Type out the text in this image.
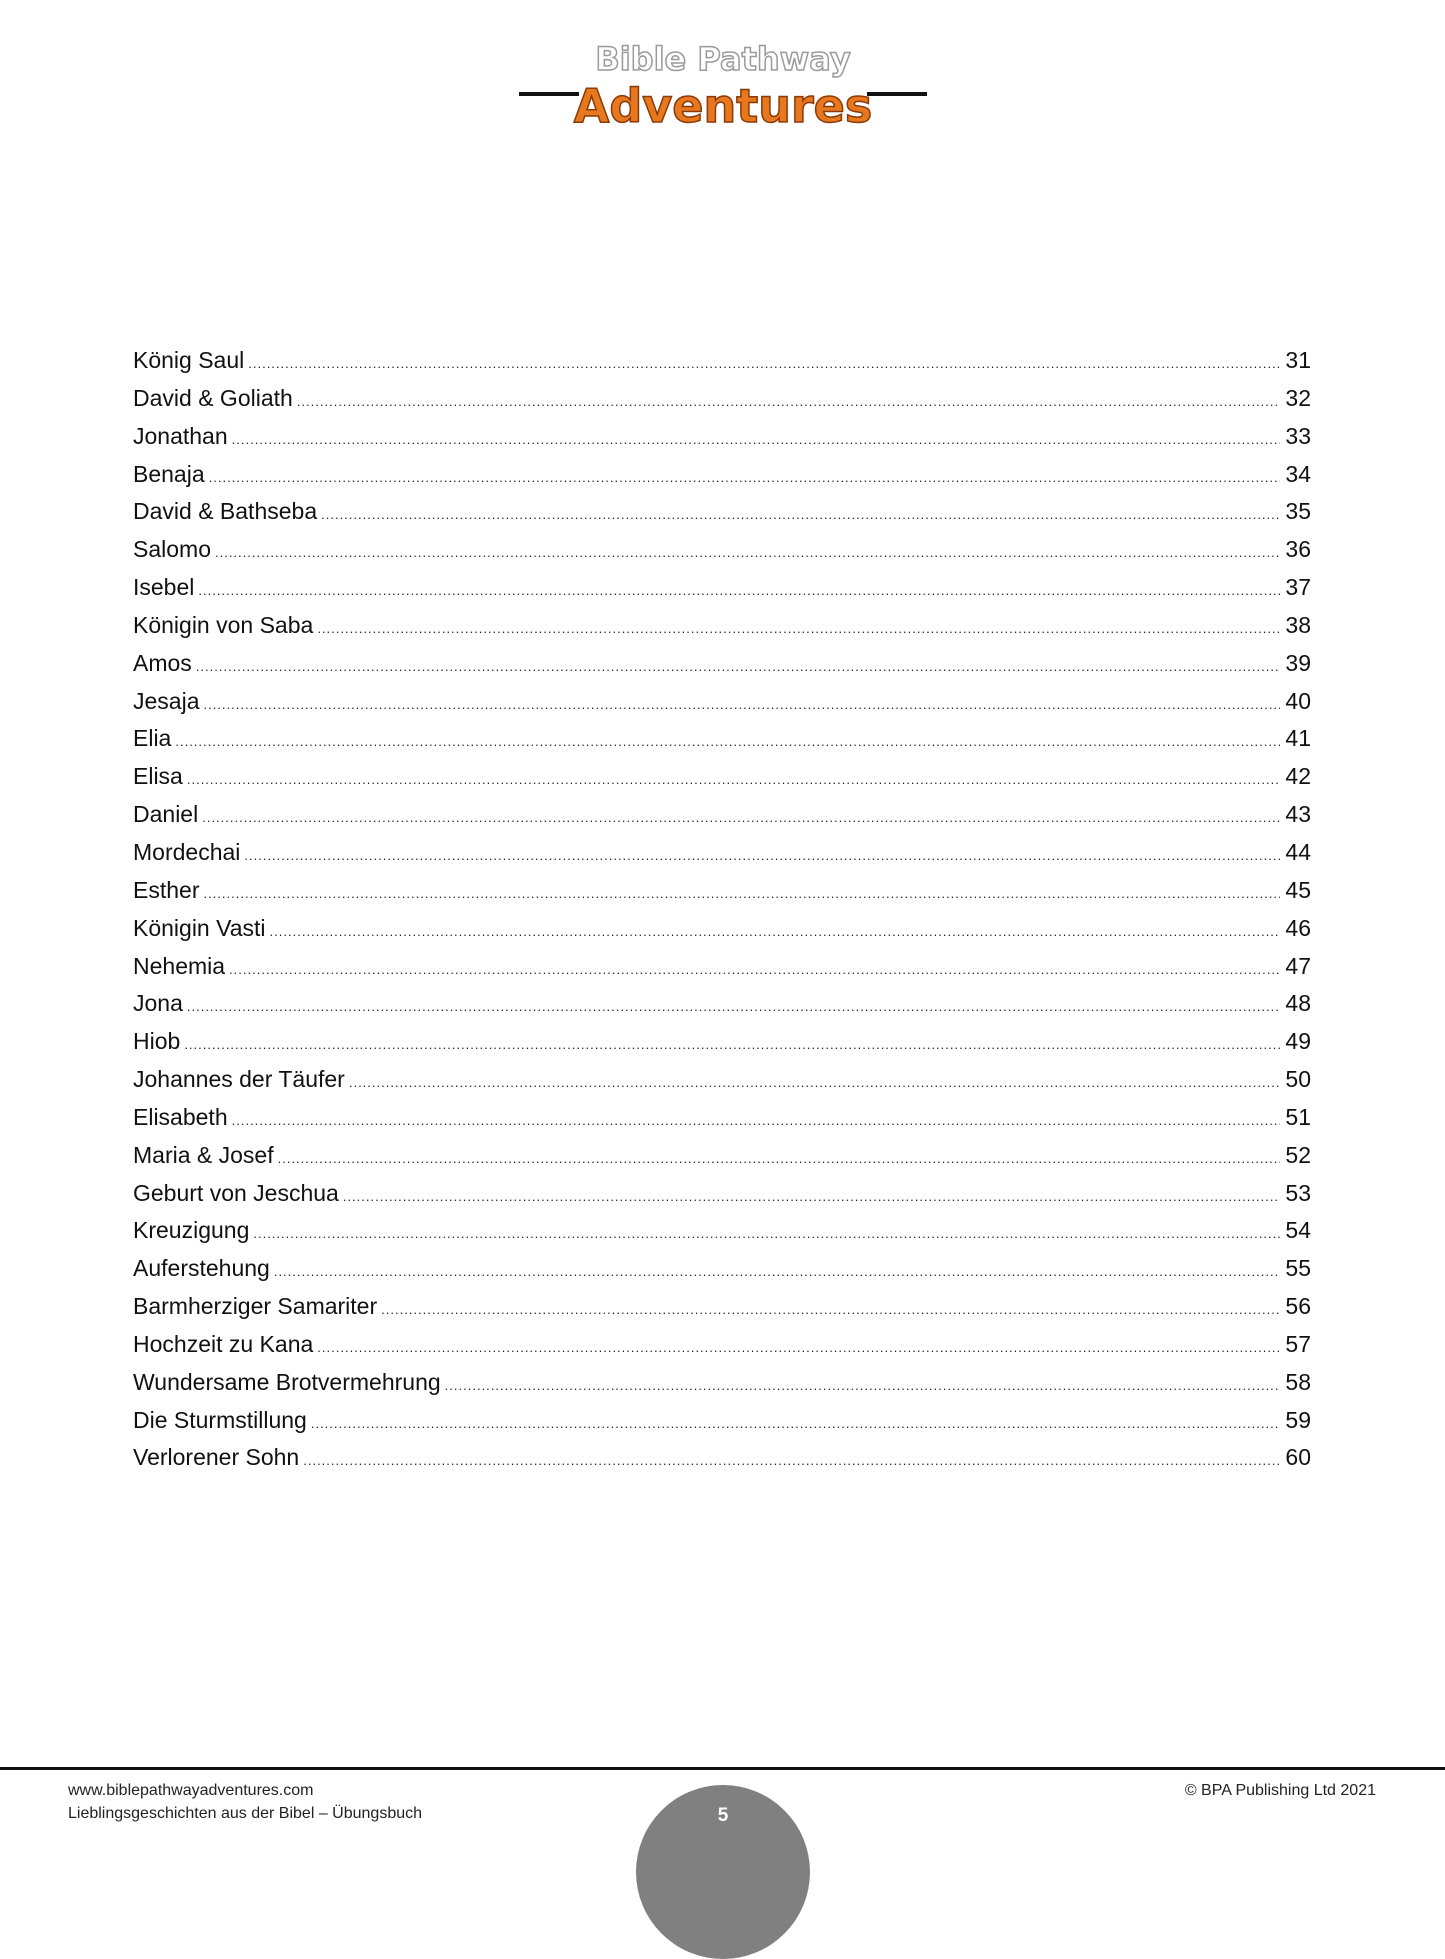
Bible Pathway
Adventures
König Saul .....	31
David & Goliath .....	32
Jonathan .....	33
Benaja .....	34
David & Bathseba .....	35
Salomo .....	36
Isebel .....	37
Königin von Saba .....	38
Amos .....	39
Jesaja .....	40
Elia .....	41
Elisa .....	42
Daniel .....	43
Mordechai .....	44
Esther .....	45
Königin Vasti .....	46
Nehemia .....	47
Jona .....	48
Hiob .....	49
Johannes der Täufer .....	50
Elisabeth .....	51
Maria & Josef .....	52
Geburt von Jeschua .....	53
Kreuzigung .....	54
Auferstehung .....	55
Barmherziger Samariter .....	56
Hochzeit zu Kana .....	57
Wundersame Brotvermehrung .....	58
Die Sturmstillung .....	59
Verlorener Sohn .....	60
www.biblepathwayadventures.com
Lieblingsgeschichten aus der Bibel – Übungsbuch
© BPA Publishing Ltd 2021
5
